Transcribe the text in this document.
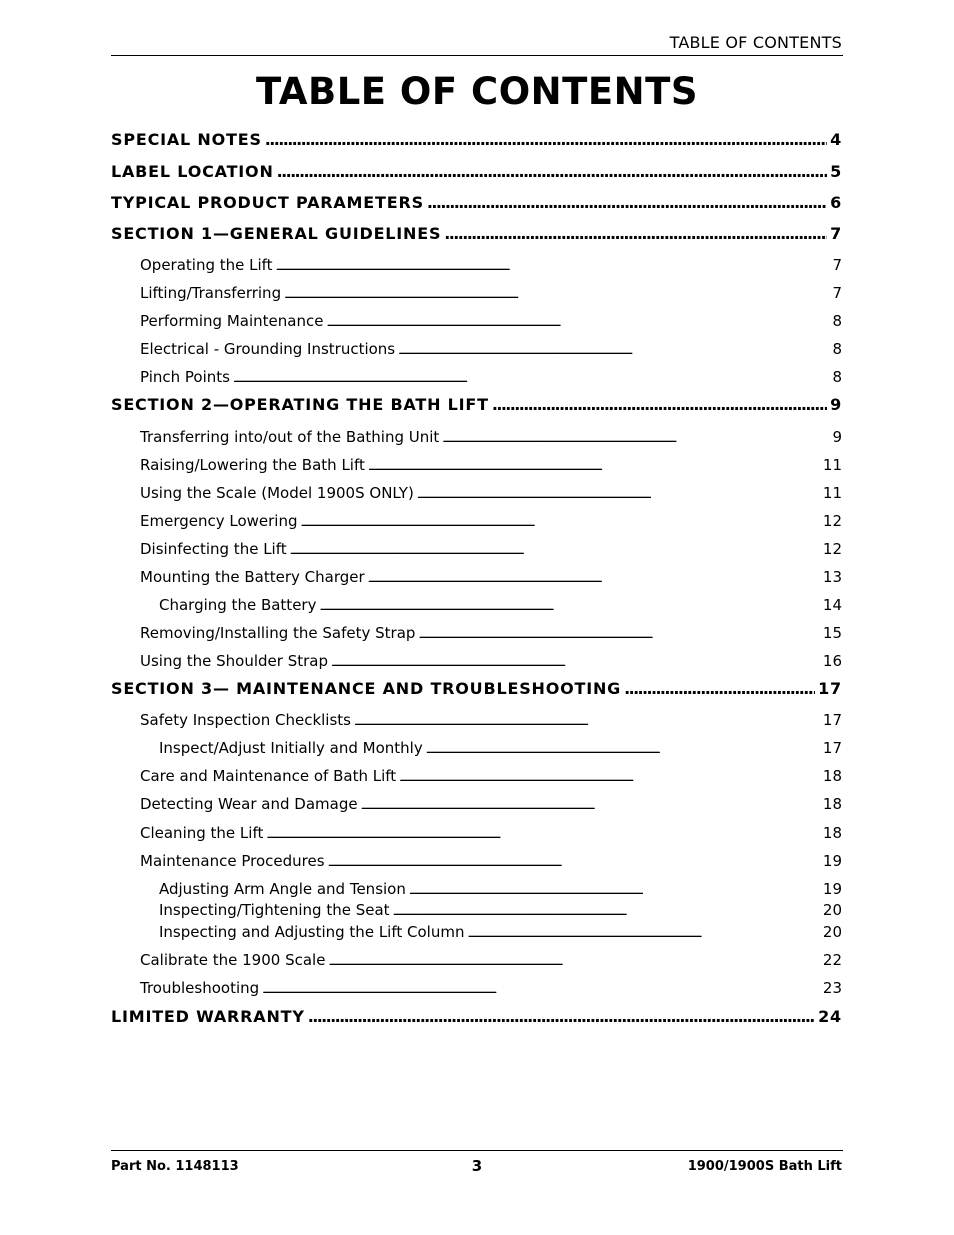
TABLE OF CONTENTS
TABLE OF CONTENTS
SPECIAL NOTES .....	4
LABEL LOCATION .....	5
TYPICAL PRODUCT PARAMETERS .....	6
SECTION 1—GENERAL GUIDELINES .....	7
Operating the Lift .....	7
Lifting/Transferring .....	7
Performing Maintenance .....	8
Electrical - Grounding Instructions .....	8
Pinch Points .....	8
SECTION 2—OPERATING THE BATH LIFT .....	9
Transferring into/out of the Bathing Unit .....	9
Raising/Lowering the Bath Lift .....	11
Using the Scale (Model 1900S ONLY) .....	11
Emergency Lowering .....	12
Disinfecting the Lift .....	12
Mounting the Battery Charger .....	13
Charging the Battery .....	14
Removing/Installing the Safety Strap .....	15
Using the Shoulder Strap .....	16
SECTION 3— MAINTENANCE AND TROUBLESHOOTING .....	17
Safety Inspection Checklists .....	17
Inspect/Adjust Initially and Monthly .....	17
Care and Maintenance of Bath Lift .....	18
Detecting Wear and Damage .....	18
Cleaning the Lift .....	18
Maintenance Procedures .....	19
Adjusting Arm Angle and Tension .....	19
Inspecting/Tightening the Seat .....	20
Inspecting and Adjusting the Lift Column .....	20
Calibrate the 1900 Scale .....	22
Troubleshooting .....	23
LIMITED WARRANTY .....	24
Part No. 1148113	3	1900/1900S Bath Lift
